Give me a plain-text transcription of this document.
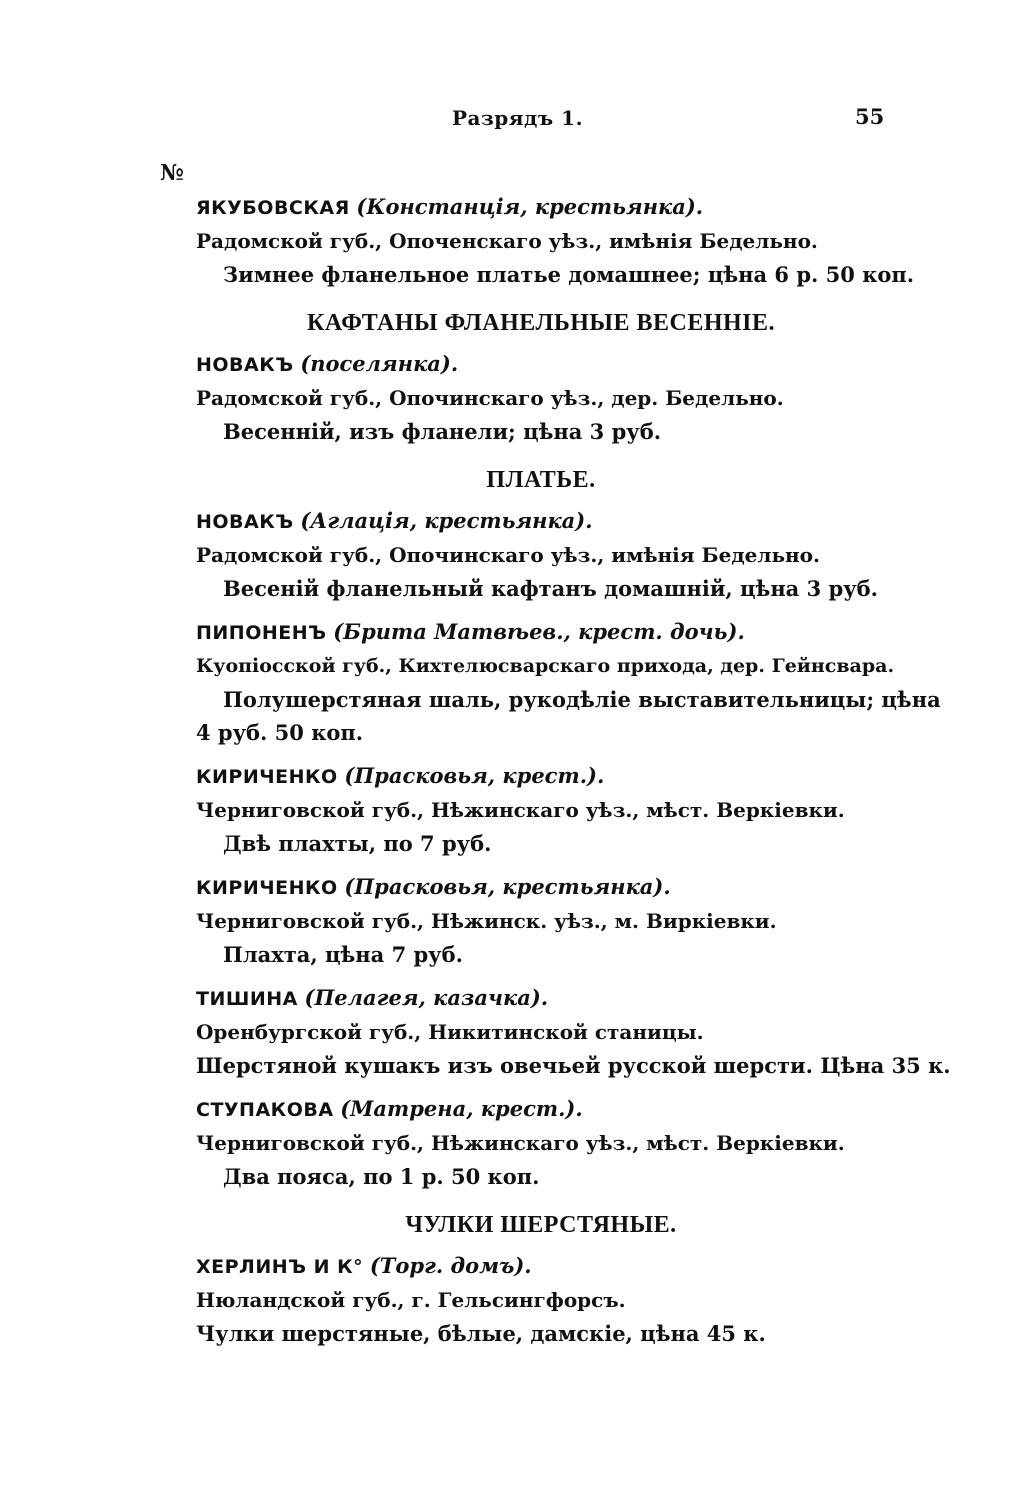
Разрядъ 1.	55
№
ЯКУБОВСКАЯ (Констанція, крестьянка).
Радомской губ., Опоченскаго уѣз., имѣнія Бедельно.
Зимнее фланельное платье домашнее; цѣна 6 р. 50 коп.
КАФТАНЫ ФЛАНЕЛЬНЫЕ ВЕСЕННІЕ.
НОВАКЪ (поселянка).
Радомской губ., Опочинскаго уѣз., дер. Бедельно.
Весенній, изъ фланели; цѣна 3 руб.
ПЛАТЬЕ.
НОВАКЪ (Аглація, крестьянка).
Радомской губ., Опочинскаго уѣз., имѣнія Бедельно.
Весеній фланельный кафтанъ домашній, цѣна 3 руб.
ПИПОНЕНЪ (Брита Матвѣев., крест. дочь).
Куопіосской губ., Кихтелюсварскаго прихода, дер. Гейнсвара.
Полушерстяная шаль, рукодѣліе выставительницы; цѣна
4 руб. 50 коп.
КИРИЧЕНКО (Прасковья, крест.).
Черниговской губ., Нѣжинскаго уѣз., мѣст. Веркіевки.
Двѣ плахты, по 7 руб.
КИРИЧЕНКО (Прасковья, крестьянка).
Черниговской губ., Нѣжинск. уѣз., м. Виркіевки.
Плахта, цѣна 7 руб.
ТИШИНА (Пелагея, казачка).
Оренбургской губ., Никитинской станицы.
Шерстяной кушакъ изъ овечьей русской шерсти. Цѣна 35 к.
СТУПАКОВА (Матрена, крест.).
Черниговской губ., Нѣжинскаго уѣз., мѣст. Веркіевки.
Два пояса, по 1 р. 50 коп.
ЧУЛКИ ШЕРСТЯНЫЕ.
ХЕРЛИНЪ И К° (Торг. домъ).
Нюландской губ., г. Гельсингфорсъ.
Чулки шерстяные, бѣлые, дамскіе, цѣна 45 к.
